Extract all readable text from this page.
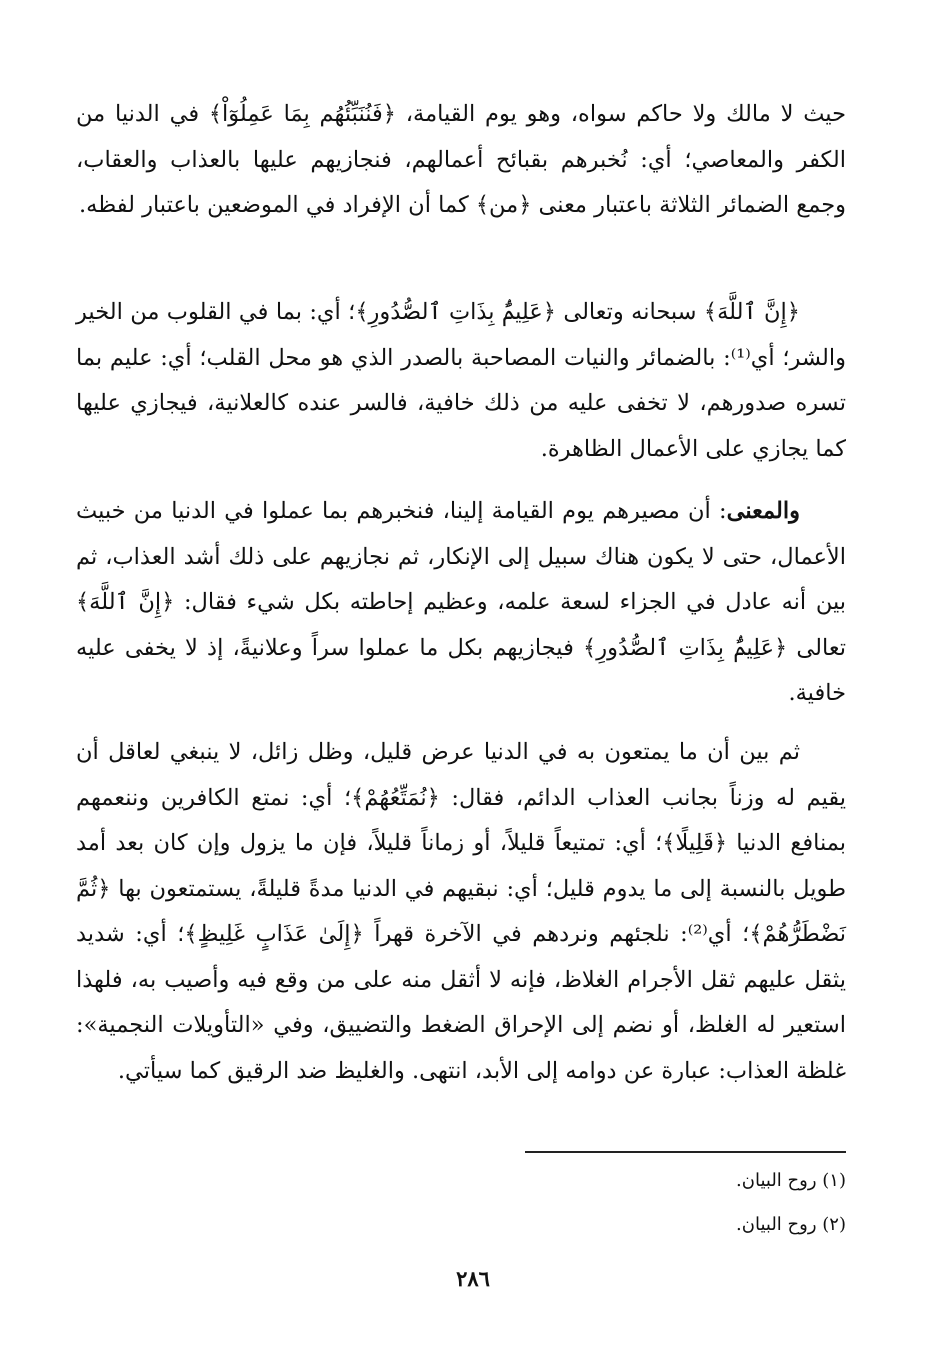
حيث لا مالك ولا حاكم سواه، وهو يوم القيامة، ﴿فَنُنَبِّئُهُم بِمَا عَمِلُوٓاْ﴾ في الدنيا من الكفر والمعاصي؛ أي: نُخبرهم بقبائح أعمالهم، فنجازيهم عليها بالعذاب والعقاب، وجمع الضمائر الثلاثة باعتبار معنى ﴿من﴾ كما أن الإفراد في الموضعين باعتبار لفظه.
﴿إِنَّ ٱللَّهَ﴾ سبحانه وتعالى ﴿عَلِيمٌۢ بِذَاتِ ٱلصُّدُورِ﴾؛ أي: بما في القلوب من الخير والشر؛ أي⁽¹⁾: بالضمائر والنيات المصاحبة بالصدر الذي هو محل القلب؛ أي: عليم بما تسره صدورهم، لا تخفى عليه من ذلك خافية، فالسر عنده كالعلانية، فيجازي عليها كما يجازي على الأعمال الظاهرة.
والمعنى: أن مصيرهم يوم القيامة إلينا، فنخبرهم بما عملوا في الدنيا من خبيث الأعمال، حتى لا يكون هناك سبيل إلى الإنكار، ثم نجازيهم على ذلك أشد العذاب، ثم بين أنه عادل في الجزاء لسعة علمه، وعظيم إحاطته بكل شيء فقال: ﴿إِنَّ ٱللَّهَ﴾ تعالى ﴿عَلِيمٌۢ بِذَاتِ ٱلصُّدُورِ﴾ فيجازيهم بكل ما عملوا سراً وعلانيةً، إذ لا يخفى عليه خافية.
ثم بين أن ما يمتعون به في الدنيا عرض قليل، وظل زائل، لا ينبغي لعاقل أن يقيم له وزناً بجانب العذاب الدائم، فقال: ﴿نُمَتِّعُهُمْ﴾؛ أي: نمتع الكافرين وننعمهم بمنافع الدنيا ﴿قَلِيلًا﴾؛ أي: تمتيعاً قليلاً، أو زماناً قليلاً، فإن ما يزول وإن كان بعد أمد طويل بالنسبة إلى ما يدوم قليل؛ أي: نبقيهم في الدنيا مدةً قليلةً، يستمتعون بها ﴿ثُمَّ نَضْطَرُّهُمْ﴾؛ أي⁽²⁾: نلجئهم ونردهم في الآخرة قهراً ﴿إِلَىٰ عَذَابٍ غَلِيظٍ﴾؛ أي: شديد يثقل عليهم ثقل الأجرام الغلاظ، فإنه لا أثقل منه على من وقع فيه وأصيب به، فلهذا استعير له الغلظ، أو نضم إلى الإحراق الضغط والتضييق، وفي «التأويلات النجمية»: غلظة العذاب: عبارة عن دوامه إلى الأبد، انتهى. والغليظ ضد الرقيق كما سيأتي.
(١) روح البيان.
(٢) روح البيان.
٢٨٦
